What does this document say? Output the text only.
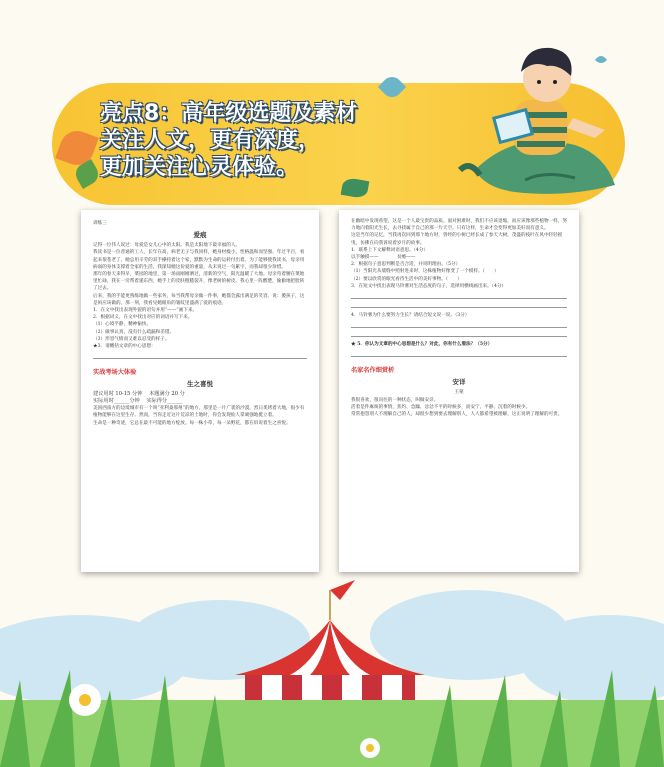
亮点8：高年级选题及素材
关注人文，更有深度，
更加关注心灵体验。
训练三
爱痕
记得一位伟人说过：母爱是女儿心中的太阳。我是太阳地下最幸福的人。
我读书是一位普通的工人，长年在高，病老无子与我同样，她身材瘦小，性格温和而坚强。年过半百，看起来很苍老了，她总用辛劳的双手操持着这个家，默默为生命的运转付出着。为了能够使我读书，母亲用病弱的身体支撑着全家的生活，我深知她这份爱的重量，从未说过一句累字，而我却很少珍惜。
那年的春天来得早，菜园的地里，第一场雨刚刚洒过，清新的空气，阳光温暖了大地。母亲弯着腰在菜地里忙碌，我在一旁帮着递东西，她手上的皮肤粗糙裂开，像老树的树皮。我心里一阵酸楚，偷偷地把脸转了过去。
后来，我的手能更熟练地做一些家务，每当我帮母亲做一件事，她都会露出满足的笑容，说：傻孩子，这是妈应该做的。那一刻，我看见她眼角的皱纹里盛满了爱的痕迹。
1．在文中找出表现外貌的语句并用“——”画下来。
2．根据词义，在文中找出对应的词语并写下来。
（1）心境平静，精神愉快。
（2）做事认真，没有什么疏漏和差错。
（3）形容气愤而又难以忍受的样子。
★3．请概括文章的中心思想：
实战考场大体验
生之喜悦
建议用时 10-15 分钟 本题满分 20 分
实际用时______分钟 实际得分______
美国西南方的边境城市有一个叫“亚利桑那州”的地方，那里是一片广袤的沙漠，烈日炙烤着大地，很少有植物能够在这里生存。然而，当你走近这片荒凉的土地时，你会发现仙人掌顽强地挺立着。
生命是一种奇迹，它总在最不可能的地方绽放。每一株小草，每一朵野花，都在诉说着生之喜悦。
在幽暗中发现希望，这是一个人最宝贵的品质。面对困难时，我们不应该退缩，而应该像那些植物一样，努力地向着阳光生长，去寻找属于自己的那一片天空。只有这样，生命才会变得更加美好而有意义。
这是当年的记忆，当我再次回到那个地方时，曾经的小树已经长成了参天大树，茂盛的枝叶在风中轻轻摇曳，仿佛在向我诉说着岁月的故事。
1．联系上下文解释词语意思。（4分）
以手触摸——　　　　贫瘠——
2．根据句子意思判断是否合适，并说明理由。（5分）
（1）当阳光从墙缝中照射进来时，这株植物好像变了一个模样。（　　）
（2）要以欣赏的眼光看待生活中的美好事物。（　　）
3．在短文中找出表现马铃薯对生活态度的句子，选择用横线画出来。（4分）
4．马铃薯为什么要努力生长？请结合短文说一说。（3分）
★ 5．你认为文章的中心思想是什么？对此，你有什么看法？（5分）
名家名作细赏析
安详
王蒙
我很喜欢，很向往的一种状态，叫做安详。
活着是件麻烦的事情，焦灼、急躁、忿忿不平的时候多，而安宁、平静、沉着的时候少。
常常抱怨别人不理解自己的人，却很少想到要去理解别人，人人都希望被理解，这正说明了理解的可贵。
